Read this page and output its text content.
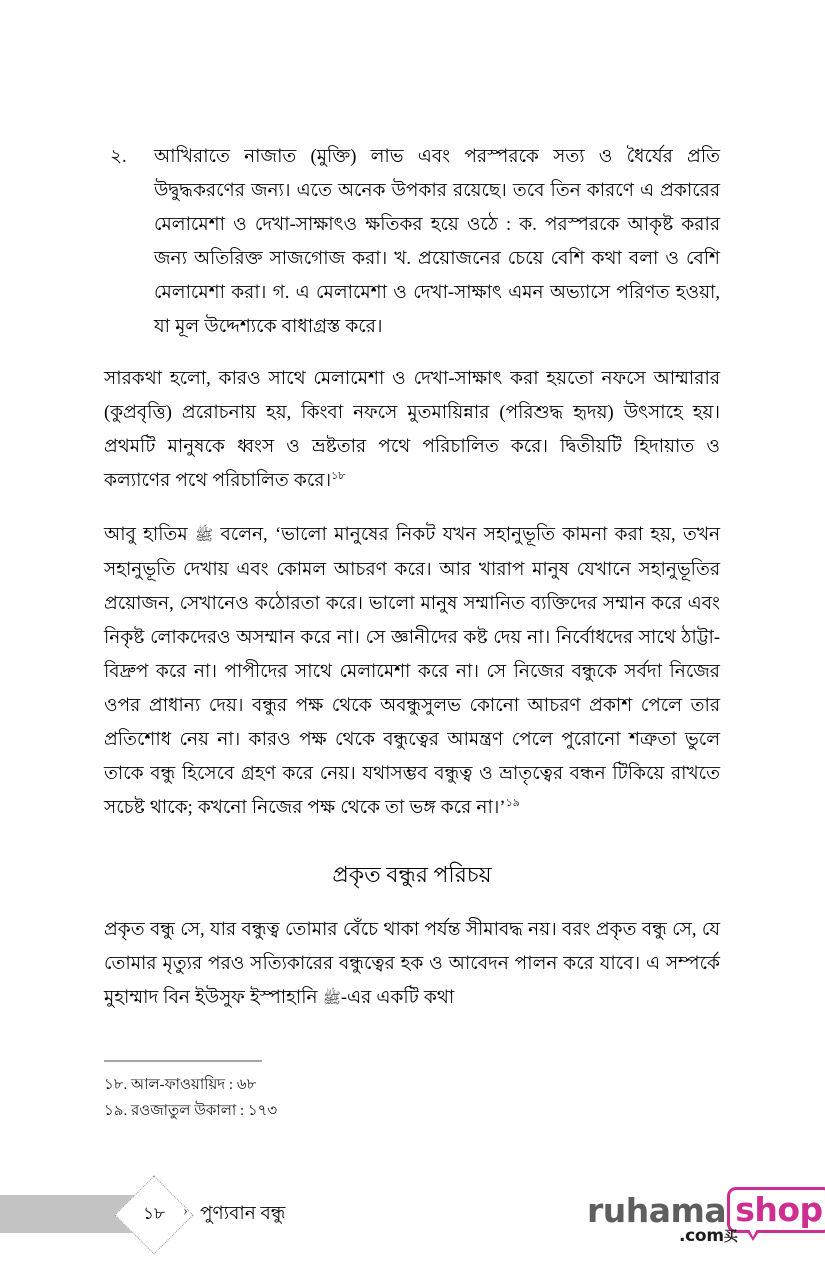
২.	আখিরাতে নাজাত (মুক্তি) লাভ এবং পরস্পরকে সত্য ও ধৈর্যের প্রতি উদ্বুদ্ধকরণের জন্য। এতে অনেক উপকার রয়েছে। তবে তিন কারণে এ প্রকারের মেলামেশা ও দেখা-সাক্ষাৎও ক্ষতিকর হয়ে ওঠে : ক. পরস্পরকে আকৃষ্ট করার জন্য অতিরিক্ত সাজগোজ করা। খ. প্রয়োজনের চেয়ে বেশি কথা বলা ও বেশি মেলামেশা করা। গ. এ মেলামেশা ও দেখা-সাক্ষাৎ এমন অভ্যাসে পরিণত হওয়া, যা মূল উদ্দেশ্যকে বাধাগ্রস্ত করে।

সারকথা হলো, কারও সাথে মেলামেশা ও দেখা-সাক্ষাৎ করা হয়তো নফসে আম্মারার (কুপ্রবৃত্তি) প্ররোচনায় হয়, কিংবা নফসে মুতমায়িন্নার (পরিশুদ্ধ হৃদয়) উৎসাহে হয়। প্রথমটি মানুষকে ধ্বংস ও ভ্রষ্টতার পথে পরিচালিত করে। দ্বিতীয়টি হিদায়াত ও কল্যাণের পথে পরিচালিত করে।$^{১৮}$

আবু হাতিম ﷺ বলেন, ‘ভালো মানুষের নিকট যখন সহানুভূতি কামনা করা হয়, তখন সহানুভূতি দেখায় এবং কোমল আচরণ করে। আর খারাপ মানুষ যেখানে সহানুভূতির প্রয়োজন, সেখানেও কঠোরতা করে। ভালো মানুষ সম্মানিত ব্যক্তিদের সম্মান করে এবং নিকৃষ্ট লোকদেরও অসম্মান করে না। সে জ্ঞানীদের কষ্ট দেয় না। নির্বোধদের সাথে ঠাট্টা-বিদ্রুপ করে না। পাপীদের সাথে মেলামেশা করে না। সে নিজের বন্ধুকে সর্বদা নিজের ওপর প্রাধান্য দেয়। বন্ধুর পক্ষ থেকে অবন্ধুসুলভ কোনো আচরণ প্রকাশ পেলে তার প্রতিশোধ নেয় না। কারও পক্ষ থেকে বন্ধুত্বের আমন্ত্রণ পেলে পুরোনো শত্রুতা ভুলে তাকে বন্ধু হিসেবে গ্রহণ করে নেয়। যথাসম্ভব বন্ধুত্ব ও ভ্রাতৃত্বের বন্ধন টিকিয়ে রাখতে সচেষ্ট থাকে; কখনো নিজের পক্ষ থেকে তা ভঙ্গ করে না।’$^{১৯}$

প্রকৃত বন্ধুর পরিচয়

প্রকৃত বন্ধু সে, যার বন্ধুত্ব তোমার বেঁচে থাকা পর্যন্ত সীমাবদ্ধ নয়। বরং প্রকৃত বন্ধু সে, যে তোমার মৃত্যুর পরও সত্যিকারের বন্ধুত্বের হক ও আবেদন পালন করে যাবে। এ সম্পর্কে মুহাম্মাদ বিন ইউসুফ ইস্পাহানি ﷺ-এর একটি কথা

১৮. আল-ফাওয়ায়িদ : ৬৮
১৯. রওজাতুল উকালা : ১৭৩
১৮	› পুণ্যবান বন্ধু	ruhama shop
.com买
